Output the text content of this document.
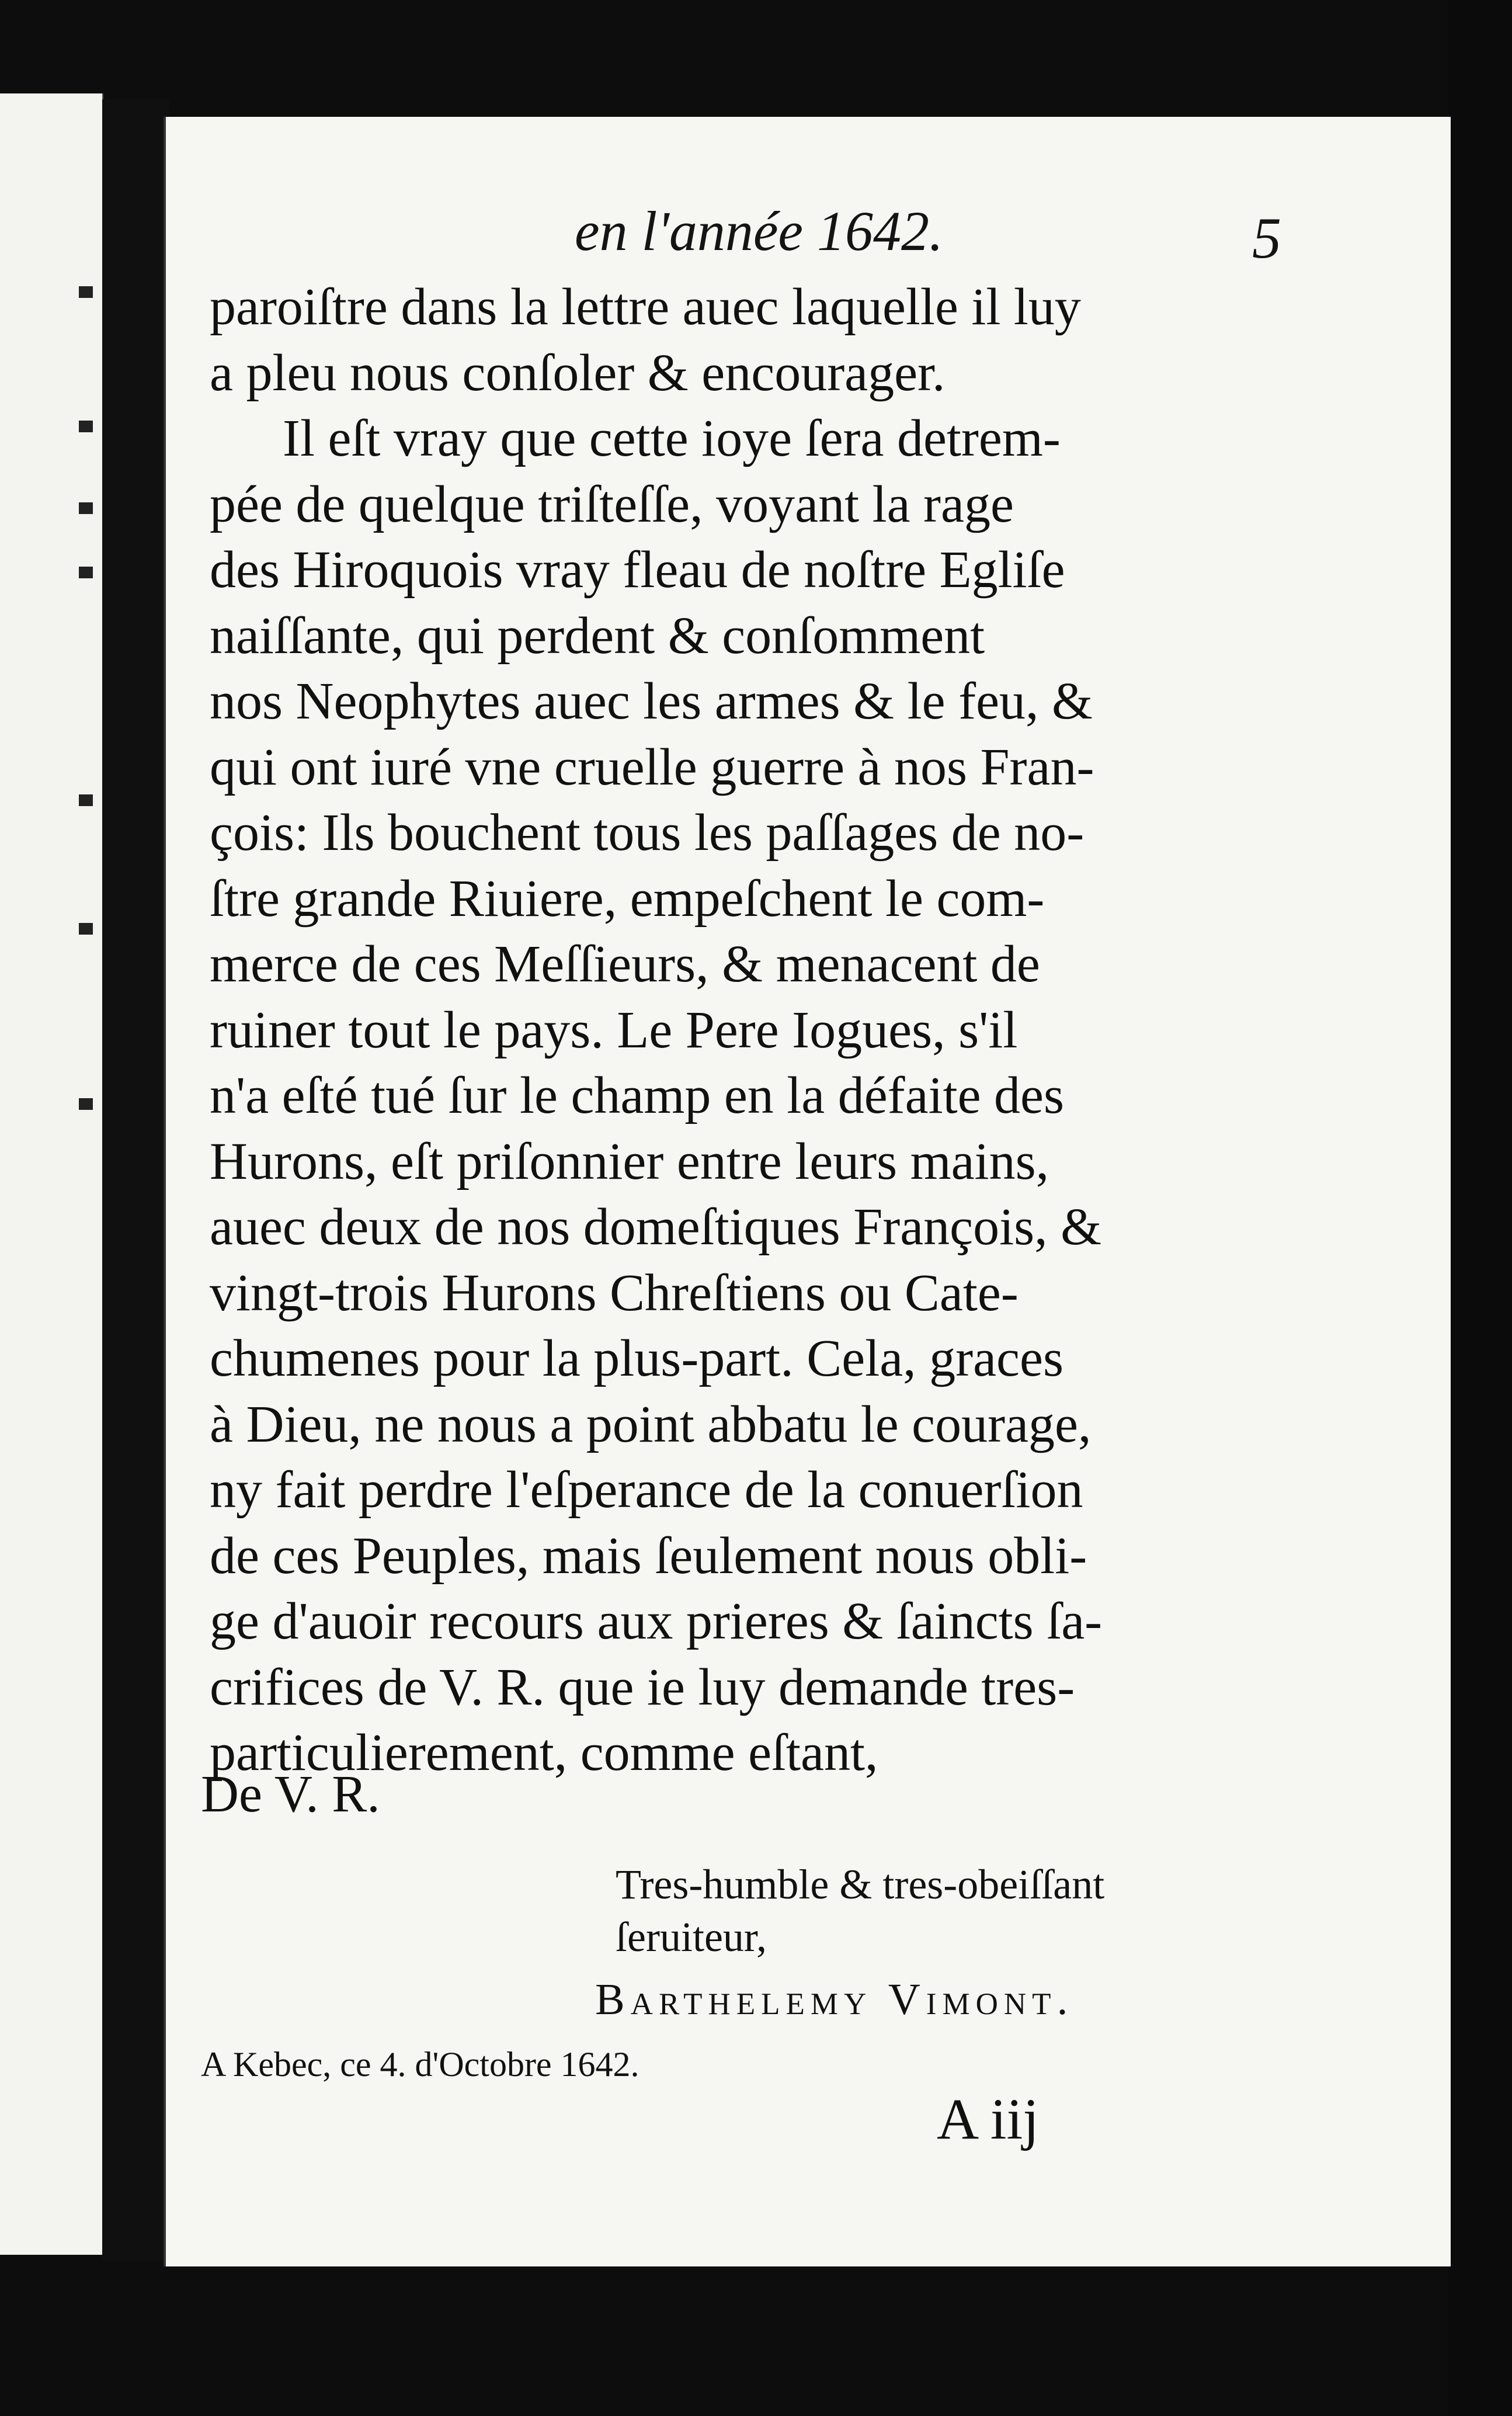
en l'année 1642.	5
paroiſtre dans la lettre auec laquelle il luy
a pleu nous conſoler & encourager.
Il eſt vray que cette ioye ſera detrem-
pée de quelque triſteſſe, voyant la rage
des Hiroquois vray fleau de noſtre Egliſe
naiſſante, qui perdent & conſomment
nos Neophytes auec les armes & le feu, &
qui ont iuré vne cruelle guerre à nos Fran-
çois: Ils bouchent tous les paſſages de no-
ſtre grande Riuiere, empeſchent le com-
merce de ces Meſſieurs, & menacent de
ruiner tout le pays. Le Pere Iogues, s'il
n'a eſté tué ſur le champ en la défaite des
Hurons, eſt priſonnier entre leurs mains,
auec deux de nos domeſtiques François, &
vingt-trois Hurons Chreſtiens ou Cate-
chumenes pour la plus-part. Cela, graces
à Dieu, ne nous a point abbatu le courage,
ny fait perdre l'eſperance de la conuerſion
de ces Peuples, mais ſeulement nous obli-
ge d'auoir recours aux prieres & ſaincts ſa-
crifices de V. R. que ie luy demande tres-
particulierement, comme eſtant,
De V. R.
Tres-humble & tres-obeiſſant
ſeruiteur,
Barthelemy Vimont.
A Kebec, ce 4. d'Octobre 1642.
A iij
